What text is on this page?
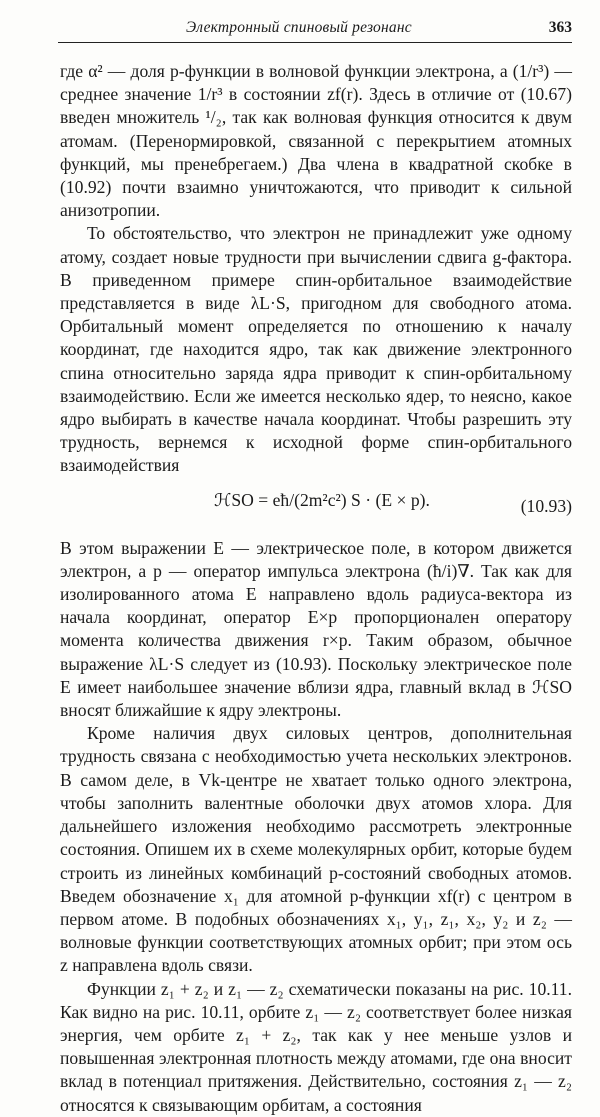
Электронный спиновый резонанс	363

где α² — доля p-функции в волновой функции электрона, а (1/r³) — среднее значение 1/r³ в состоянии zf(r). Здесь в отличие от (10.67) введен множитель ¹/₂, так как волновая функция относится к двум атомам. (Перенормировкой, связанной с перекрытием атомных функций, мы пренебрегаем.) Два члена в квадратной скобке в (10.92) почти взаимно уничтожаются, что приводит к сильной анизотропии.

То обстоятельство, что электрон не принадлежит уже одному атому, создает новые трудности при вычислении сдвига g-фактора. В приведенном примере спин-орбитальное взаимодействие представляется в виде λL·S, пригодном для свободного атома. Орбитальный момент определяется по отношению к началу координат, где находится ядро, так как движение электронного спина относительно заряда ядра приводит к спин-орбитальному взаимодействию. Если же имеется несколько ядер, то неясно, какое ядро выбирать в качестве начала координат. Чтобы разрешить эту трудность, вернемся к исходной форме спин-орбитального взаимодействия

ℋSO = eħ/(2m²c²) S · (E × p).	(10.93)

В этом выражении E — электрическое поле, в котором движется электрон, а p — оператор импульса электрона (ħ/i)∇. Так как для изолированного атома E направлено вдоль радиуса-вектора из начала координат, оператор E×p пропорционален оператору момента количества движения r×p. Таким образом, обычное выражение λL·S следует из (10.93). Поскольку электрическое поле E имеет наибольшее значение вблизи ядра, главный вклад в ℋSO вносят ближайшие к ядру электроны.

Кроме наличия двух силовых центров, дополнительная трудность связана с необходимостью учета нескольких электронов. В самом деле, в Vk-центре не хватает только одного электрона, чтобы заполнить валентные оболочки двух атомов хлора. Для дальнейшего изложения необходимо рассмотреть электронные состояния. Опишем их в схеме молекулярных орбит, которые будем строить из линейных комбинаций p-состояний свободных атомов. Введем обозначение x₁ для атомной p-функции xf(r) с центром в первом атоме. В подобных обозначениях x₁, y₁, z₁, x₂, y₂ и z₂ — волновые функции соответствующих атомных орбит; при этом ось z направлена вдоль связи.

Функции z₁ + z₂ и z₁ — z₂ схематически показаны на рис. 10.11. Как видно на рис. 10.11, орбите z₁ — z₂ соответствует более низкая энергия, чем орбите z₁ + z₂, так как у нее меньше узлов и повышенная электронная плотность между атомами, где она вносит вклад в потенциал притяжения. Действительно, состояния z₁ — z₂ относятся к связывающим орбитам, а состояния
